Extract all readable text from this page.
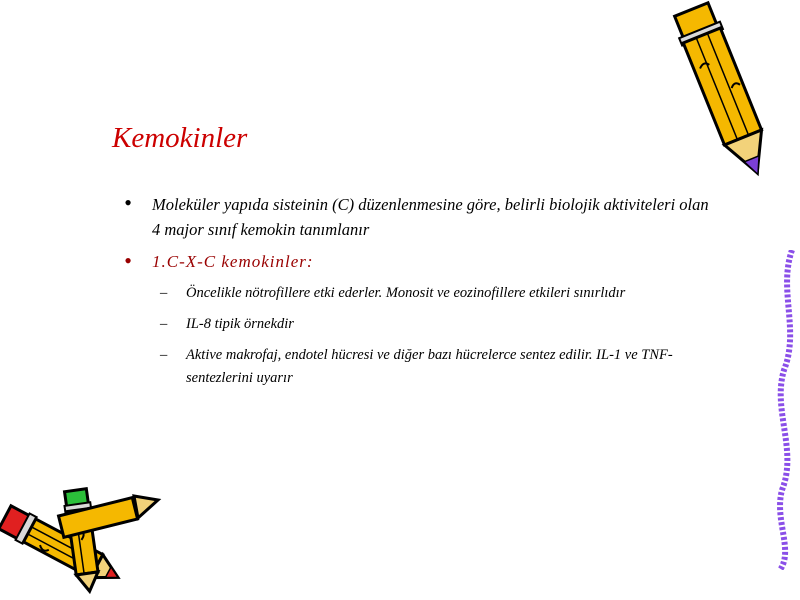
Kemokinler
• Moleküler yapıda sisteinin (C) düzenlenmesine göre, belirli biolojik aktiviteleri olan 4 major sınıf kemokin tanımlanır
• 1.C-X-C kemokinler:
– Öncelikle nötrofillere etki ederler. Monosit ve eozinofillere etkileri sınırlıdır
– IL-8 tipik örnekdir
– Aktive makrofaj, endotel hücresi ve diğer bazı hücrelerce sentez edilir. IL-1 ve TNF- sentezlerini uyarır
